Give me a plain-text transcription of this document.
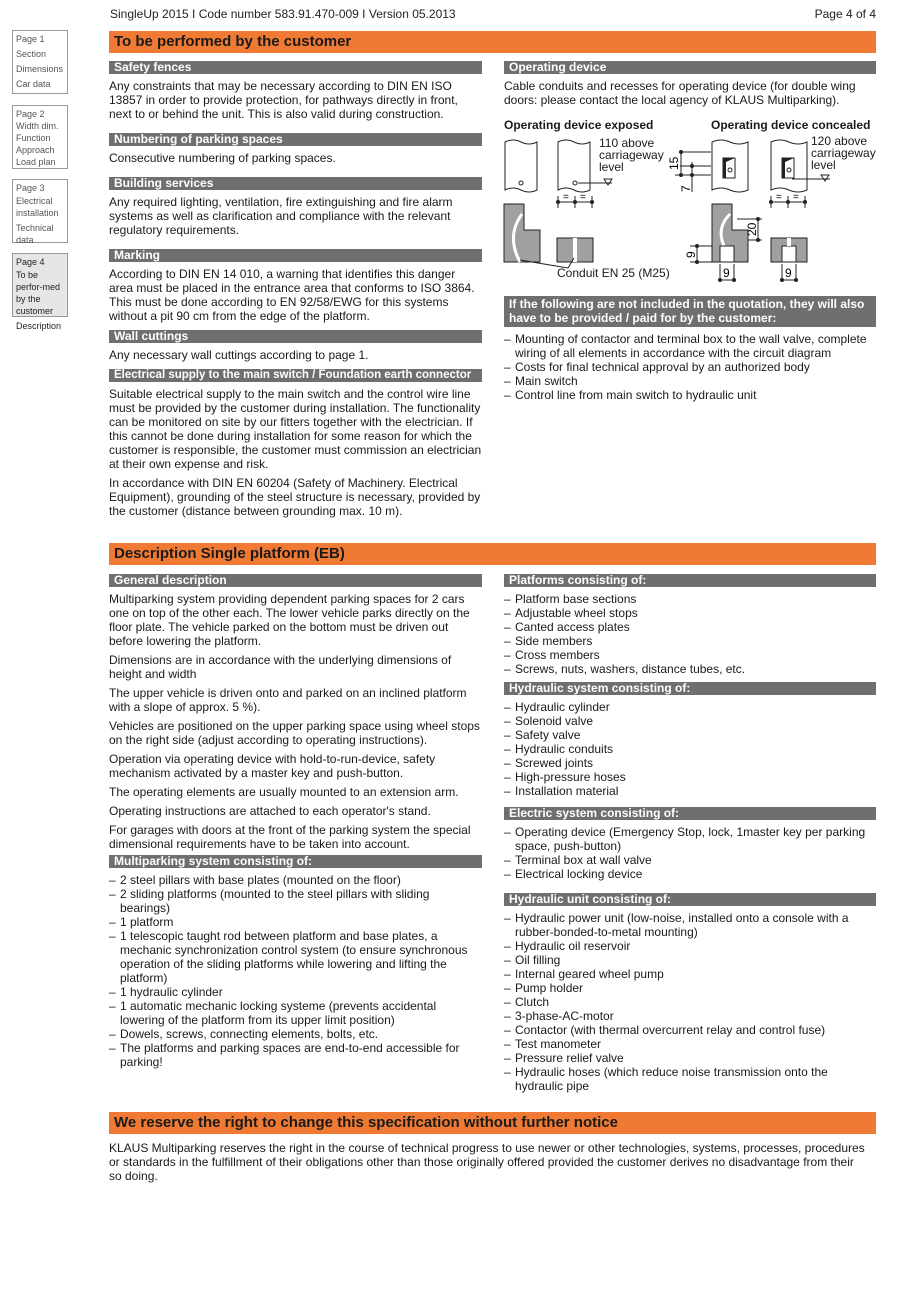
SingleUp 2015 I Code number 583.91.470-009 I Version 05.2013	Page 4 of 4
Page 1
Section
Dimensions
Car data
Page 2
Width dim.
Function
Approach
Load plan
Page 3
Electrical installation
Technical data
Page 4
To be perfor-med by the customer
Description
To be performed by the customer
Safety fences

Any constraints that may be necessary according to DIN EN ISO 13857 in order to provide protection, for pathways directly in front, next to or behind the unit. This is also valid during construction.

Numbering of parking spaces

Consecutive numbering of parking spaces.

Building services

Any required lighting, ventilation, fire extinguishing and fire alarm systems as well as clarification and compliance with the relevant regulatory requirements.

Marking

According to DIN EN 14 010, a warning that identifies this danger area must be placed in the entrance area that conforms to ISO 3864. This must be done according to EN 92/58/EWG for this systems without a pit 90 cm from the edge of the platform.

Wall cuttings

Any necessary wall cuttings according to page 1.

Electrical supply to the main switch / Foundation earth connector

Suitable electrical supply to the main switch and the control wire line must be provided by the customer during installation. The functionality can be monitored on site by our fitters together with the electrician. If this cannot be done during installation for some reason for which the customer is responsible, the customer must commission an electrician at their own expense and risk.

In accordance with DIN EN 60204 (Safety of Machinery. Electrical Equipment), grounding of the steel structure is necessary, provided by the customer (distance between grounding max. 10 m).

Operating device

Cable conduits and recesses for operating device (for double wing doors: please contact the local agency of KLAUS Multiparking).

Operating device exposed	Operating device concealed
= =	= =
15
7
20
9
9	9
110 above carriageway level
120 above carriageway level
Conduit EN 25 (M25)
If the following are not included in the quotation, they will also have to be provided / paid for by the customer:
– Mounting of contactor and terminal box to the wall valve, complete wiring of all elements in accordance with the circuit diagram
– Costs for final technical approval by an authorized body
– Main switch
– Control line from main switch to hydraulic unit
Description Single platform (EB)
General description

Multiparking system providing dependent parking spaces for 2 cars one on top of the other each. The lower vehicle parks directly on the floor plate. The vehicle parked on the bottom must be driven out before lowering the platform.

Dimensions are in accordance with the underlying dimensions of height and width

The upper vehicle is driven onto and parked on an inclined platform with a slope of approx. 5 %).

Vehicles are positioned on the upper parking space using wheel stops on the right side (adjust according to operating instructions).

Operation via operating device with hold-to-run-device, safety mechanism activated by a master key and push-button.

The operating elements are usually mounted to an extension arm.

Operating instructions are attached to each operator's stand.

For garages with doors at the front of the parking system the special dimensional requirements have to be taken into account.

Multiparking system consisting of:
– 2 steel pillars with base plates (mounted on the floor)
– 2 sliding platforms (mounted to the steel pillars with sliding bearings)
– 1 platform
– 1 telescopic taught rod between platform and base plates, a mechanic synchronization control system (to ensure synchronous operation of the sliding platforms while lowering and lifting the platform)
– 1 hydraulic cylinder
– 1 automatic mechanic locking systeme (prevents accidental lowering of the platform from its upper limit position)
– Dowels, screws, connecting elements, bolts, etc.
– The platforms and parking spaces are end-to-end accessible for parking!
Platforms consisting of:
– Platform base sections
– Adjustable wheel stops
– Canted access plates
– Side members
– Cross members
– Screws, nuts, washers, distance tubes, etc.
Hydraulic system consisting of:
– Hydraulic cylinder
– Solenoid valve
– Safety valve
– Hydraulic conduits
– Screwed joints
– High-pressure hoses
– Installation material
Electric system consisting of:
– Operating device (Emergency Stop, lock, 1master key per parking space, push-button)
– Terminal box at wall valve
– Electrical locking device
Hydraulic unit consisting of:
– Hydraulic power unit (low-noise, installed onto a console with a rubber-bonded-to-metal mounting)
– Hydraulic oil reservoir
– Oil filling
– Internal geared wheel pump
– Pump holder
– Clutch
– 3-phase-AC-motor
– Contactor (with thermal overcurrent relay and control fuse)
– Test manometer
– Pressure relief valve
– Hydraulic hoses (which reduce noise transmission onto the hydraulic pipe
We reserve the right to change this specification without further notice
KLAUS Multiparking reserves the right in the course of technical progress to use newer or other technologies, systems, processes, procedures or standards in the fulfillment of their obligations other than those originally offered provided the customer derives no disadvantage from their so doing.
